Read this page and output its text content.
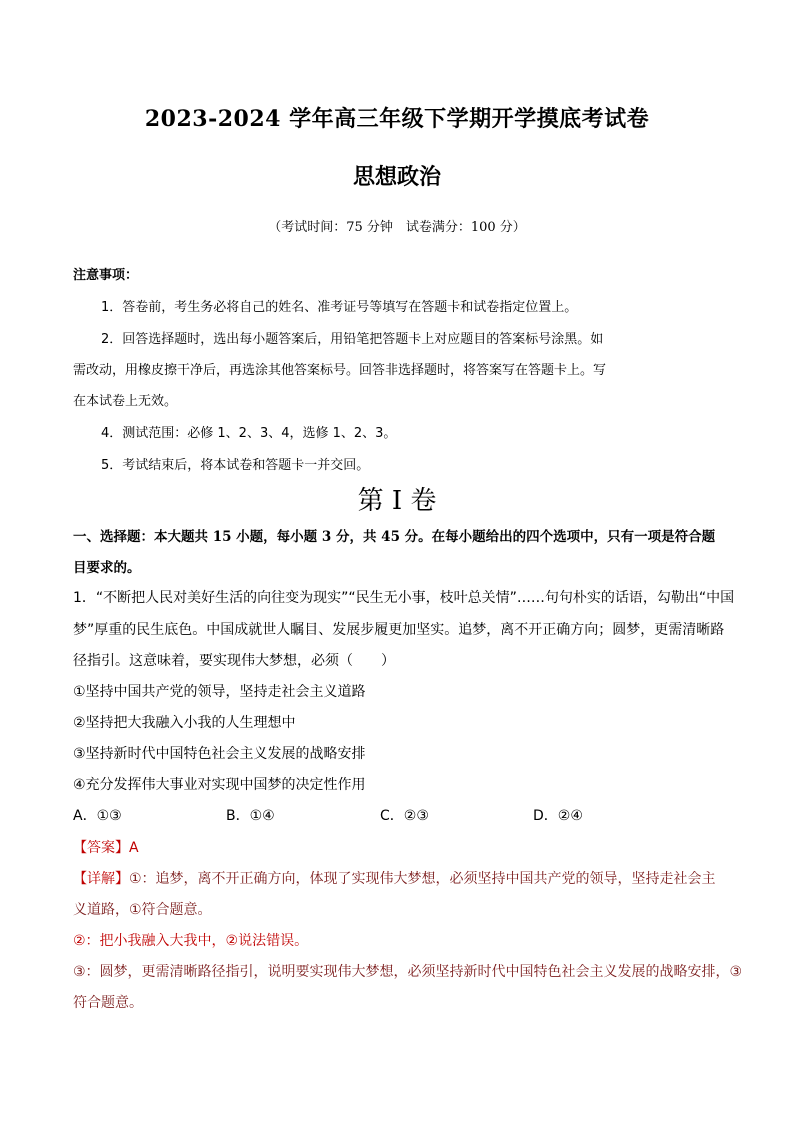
2023-2024 学年高三年级下学期开学摸底考试卷
思想政治
（考试时间：75 分钟　试卷满分：100 分）
注意事项：
1．答卷前，考生务必将自己的姓名、准考证号等填写在答题卡和试卷指定位置上。
2．回答选择题时，选出每小题答案后，用铅笔把答题卡上对应题目的答案标号涂黑。如
需改动，用橡皮擦干净后，再选涂其他答案标号。回答非选择题时，将答案写在答题卡上。写
在本试卷上无效。
4．测试范围：必修 1、2、3、4，选修 1、2、3。
5．考试结束后，将本试卷和答题卡一并交回。
第 I 卷
一、选择题：本大题共 15 小题，每小题 3 分，共 45 分。在每小题给出的四个选项中，只有一项是符合题
目要求的。
1．“不断把人民对美好生活的向往变为现实”“民生无小事，枝叶总关情”……句句朴实的话语，勾勒出“中国
梦”厚重的民生底色。中国成就世人瞩目、发展步履更加坚实。追梦，离不开正确方向；圆梦，更需清晰路
径指引。这意味着，要实现伟大梦想，必须（　　）
①坚持中国共产党的领导，坚持走社会主义道路
②坚持把大我融入小我的人生理想中
③坚持新时代中国特色社会主义发展的战略安排
④充分发挥伟大事业对实现中国梦的决定性作用
A．①③	B．①④	C．②③	D．②④
【答案】A
【详解】①：追梦，离不开正确方向，体现了实现伟大梦想，必须坚持中国共产党的领导，坚持走社会主
义道路，①符合题意。
②：把小我融入大我中，②说法错误。
③：圆梦，更需清晰路径指引，说明要实现伟大梦想，必须坚持新时代中国特色社会主义发展的战略安排，③
符合题意。
